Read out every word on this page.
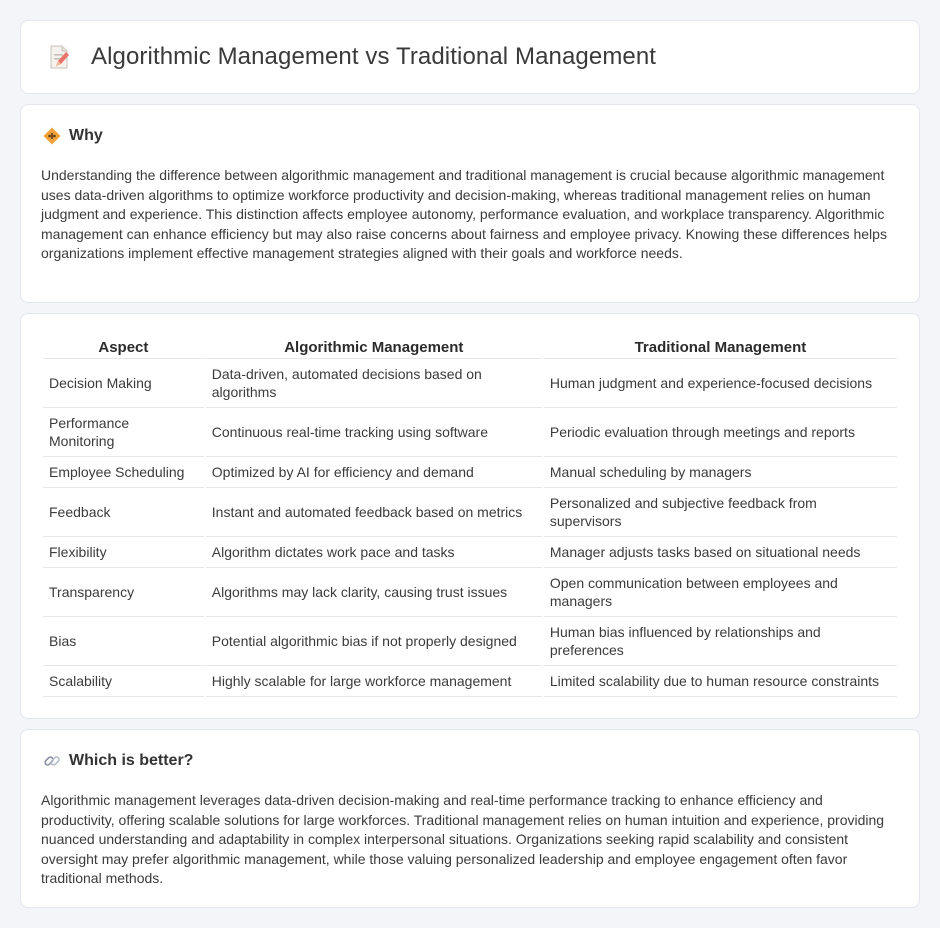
Algorithmic Management vs Traditional Management
Why

Understanding the difference between algorithmic management and traditional management is crucial because algorithmic management uses data-driven algorithms to optimize workforce productivity and decision-making, whereas traditional management relies on human judgment and experience. This distinction affects employee autonomy, performance evaluation, and workplace transparency. Algorithmic management can enhance efficiency but may also raise concerns about fairness and employee privacy. Knowing these differences helps organizations implement effective management strategies aligned with their goals and workforce needs.

Aspect	Algorithmic Management	Traditional Management
Decision Making	Data-driven, automated decisions based on algorithms	Human judgment and experience-focused decisions
Performance Monitoring	Continuous real-time tracking using software	Periodic evaluation through meetings and reports
Employee Scheduling	Optimized by AI for efficiency and demand	Manual scheduling by managers
Feedback	Instant and automated feedback based on metrics	Personalized and subjective feedback from supervisors
Flexibility	Algorithm dictates work pace and tasks	Manager adjusts tasks based on situational needs
Transparency	Algorithms may lack clarity, causing trust issues	Open communication between employees and managers
Bias	Potential algorithmic bias if not properly designed	Human bias influenced by relationships and preferences
Scalability	Highly scalable for large workforce management	Limited scalability due to human resource constraints
Which is better?

Algorithmic management leverages data-driven decision-making and real-time performance tracking to enhance efficiency and productivity, offering scalable solutions for large workforces. Traditional management relies on human intuition and experience, providing nuanced understanding and adaptability in complex interpersonal situations. Organizations seeking rapid scalability and consistent oversight may prefer algorithmic management, while those valuing personalized leadership and employee engagement often favor traditional methods.
